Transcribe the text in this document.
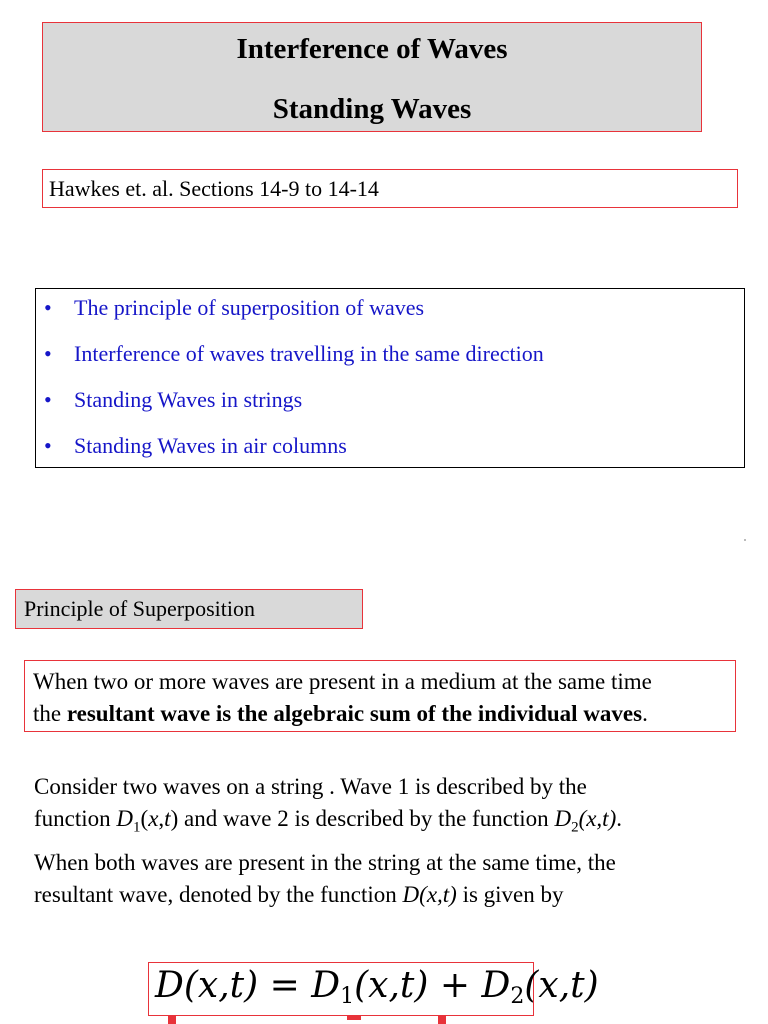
Interference of Waves
Standing Waves
Hawkes et. al. Sections 14-9 to 14-14
• The principle of superposition of waves
• Interference of waves travelling in the same direction
• Standing Waves in strings
• Standing Waves in air columns
Principle of Superposition
When two or more waves are present in a medium at the same time
the resultant wave is the algebraic sum of the individual waves.
Consider two waves on a string . Wave 1 is described by the
function $D_1(x,t)$ and wave 2 is described by the function $D_2(x,t)$.
When both waves are present in the string at the same time, the
resultant wave, denoted by the function D(x,t) is given by
$D(x,t) = D_1(x,t) + D_2(x,t)$
